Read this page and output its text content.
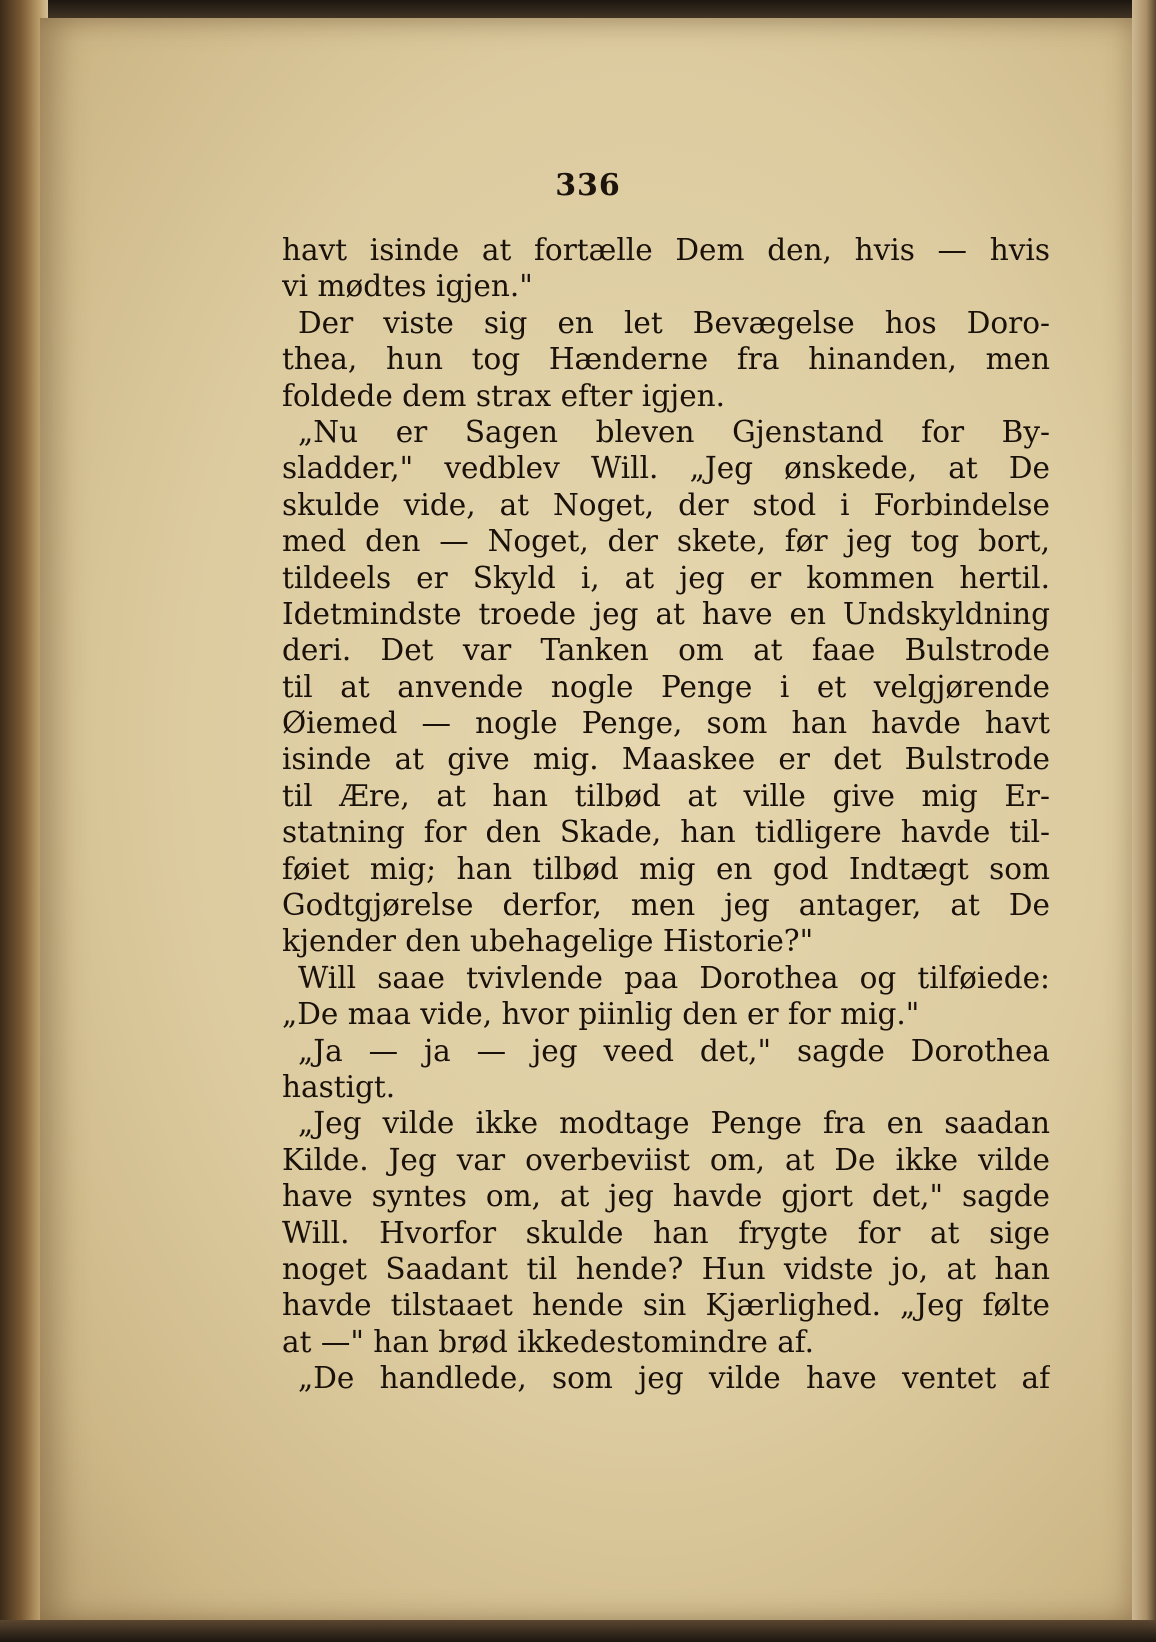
336
havt isinde at fortælle Dem den, hvis — hvis
vi mødtes igjen."
Der viste sig en let Bevægelse hos Doro-
thea, hun tog Hænderne fra hinanden, men
foldede dem strax efter igjen.
„Nu er Sagen bleven Gjenstand for By-
sladder," vedblev Will. „Jeg ønskede, at De
skulde vide, at Noget, der stod i Forbindelse
med den — Noget, der skete, før jeg tog bort,
tildeels er Skyld i, at jeg er kommen hertil.
Idetmindste troede jeg at have en Undskyldning
deri. Det var Tanken om at faae Bulstrode
til at anvende nogle Penge i et velgjørende
Øiemed — nogle Penge, som han havde havt
isinde at give mig. Maaskee er det Bulstrode
til Ære, at han tilbød at ville give mig Er-
statning for den Skade, han tidligere havde til-
føiet mig; han tilbød mig en god Indtægt som
Godtgjørelse derfor, men jeg antager, at De
kjender den ubehagelige Historie?"
Will saae tvivlende paa Dorothea og tilføiede:
„De maa vide, hvor piinlig den er for mig."
„Ja — ja — jeg veed det," sagde Dorothea
hastigt.
„Jeg vilde ikke modtage Penge fra en saadan
Kilde. Jeg var overbeviist om, at De ikke vilde
have syntes om, at jeg havde gjort det," sagde
Will. Hvorfor skulde han frygte for at sige
noget Saadant til hende? Hun vidste jo, at han
havde tilstaaet hende sin Kjærlighed. „Jeg følte
at —" han brød ikkedestomindre af.
„De handlede, som jeg vilde have ventet af
